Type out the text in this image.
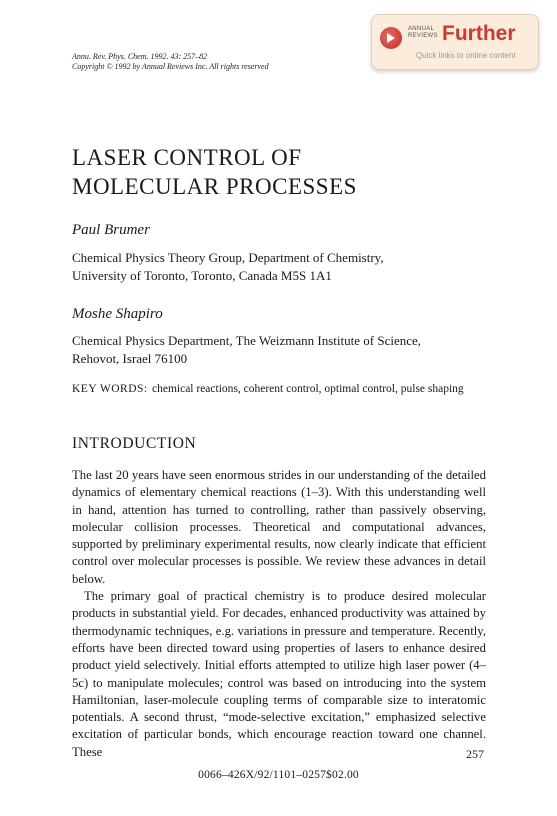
Annu. Rev. Phys. Chem. 1992. 43: 257–82
Copyright © 1992 by Annual Reviews Inc. All rights reserved
ANNUAL REVIEWS Further
Quick links to online content
LASER CONTROL OF
MOLECULAR PROCESSES

Paul Brumer

Chemical Physics Theory Group, Department of Chemistry,
University of Toronto, Toronto, Canada M5S 1A1

Moshe Shapiro

Chemical Physics Department, The Weizmann Institute of Science,
Rehovot, Israel 76100
KEY WORDS: chemical reactions, coherent control, optimal control, pulse shaping
INTRODUCTION

The last 20 years have seen enormous strides in our understanding of the detailed dynamics of elementary chemical reactions (1–3). With this understanding well in hand, attention has turned to controlling, rather than passively observing, molecular collision processes. Theoretical and computational advances, supported by preliminary experimental results, now clearly indicate that efficient control over molecular processes is possible. We review these advances in detail below.

The primary goal of practical chemistry is to produce desired molecular products in substantial yield. For decades, enhanced productivity was attained by thermodynamic techniques, e.g. variations in pressure and temperature. Recently, efforts have been directed toward using properties of lasers to enhance desired product yield selectively. Initial efforts attempted to utilize high laser power (4–5c) to manipulate molecules; control was based on introducing into the system Hamiltonian, laser-molecule coupling terms of comparable size to interatomic potentials. A second thrust, “mode-selective excitation,” emphasized selective excitation of particular bonds, which encourage reaction toward one channel. These	257
0066–426X/92/1101–0257$02.00
